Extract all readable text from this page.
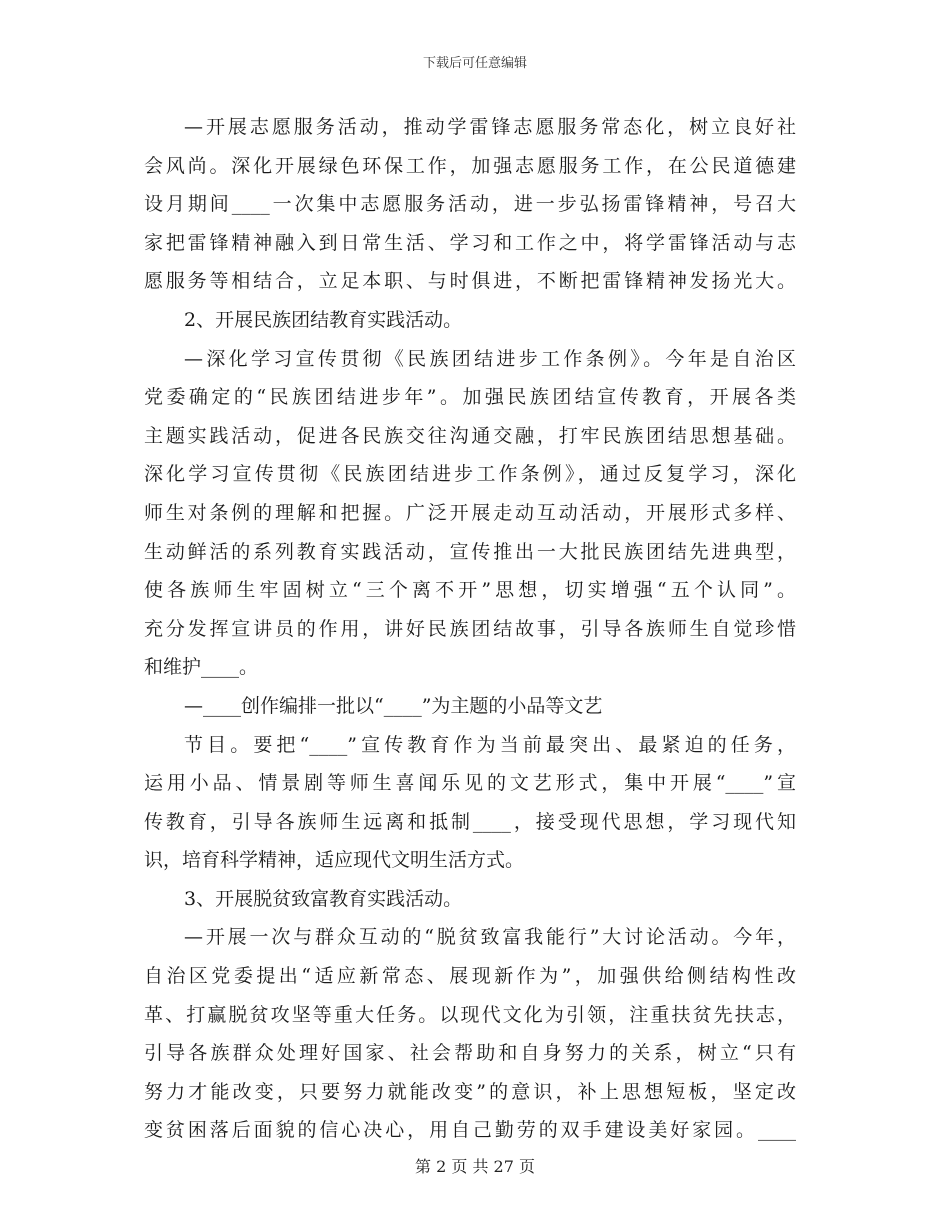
下载后可任意编辑
—开展志愿服务活动，推动学雷锋志愿服务常态化，树立良好社
会风尚。深化开展绿色环保工作，加强志愿服务工作，在公民道德建
设月期间____一次集中志愿服务活动，进一步弘扬雷锋精神，号召大
家把雷锋精神融入到日常生活、学习和工作之中，将学雷锋活动与志
愿服务等相结合，立足本职、与时俱进，不断把雷锋精神发扬光大。
2、开展民族团结教育实践活动。
—深化学习宣传贯彻《民族团结进步工作条例》。今年是自治区
党委确定的“民族团结进步年”。加强民族团结宣传教育，开展各类
主题实践活动，促进各民族交往沟通交融，打牢民族团结思想基础。
深化学习宣传贯彻《民族团结进步工作条例》，通过反复学习，深化
师生对条例的理解和把握。广泛开展走动互动活动，开展形式多样、
生动鲜活的系列教育实践活动，宣传推出一大批民族团结先进典型，
使各族师生牢固树立“三个离不开”思想，切实增强“五个认同”。
充分发挥宣讲员的作用，讲好民族团结故事，引导各族师生自觉珍惜
和维护____。
—____创作编排一批以“____”为主题的小品等文艺
节目。要把“____”宣传教育作为当前最突出、最紧迫的任务，
运用小品、情景剧等师生喜闻乐见的文艺形式，集中开展“____”宣
传教育，引导各族师生远离和抵制____，接受现代思想，学习现代知
识，培育科学精神，适应现代文明生活方式。
3、开展脱贫致富教育实践活动。
—开展一次与群众互动的“脱贫致富我能行”大讨论活动。今年，
自治区党委提出“适应新常态、展现新作为”，加强供给侧结构性改
革、打赢脱贫攻坚等重大任务。以现代文化为引领，注重扶贫先扶志，
引导各族群众处理好国家、社会帮助和自身努力的关系，树立“只有
努力才能改变，只要努力就能改变”的意识，补上思想短板，坚定改
变贫困落后面貌的信心决心，用自己勤劳的双手建设美好家园。____
第 2 页 共 27 页
